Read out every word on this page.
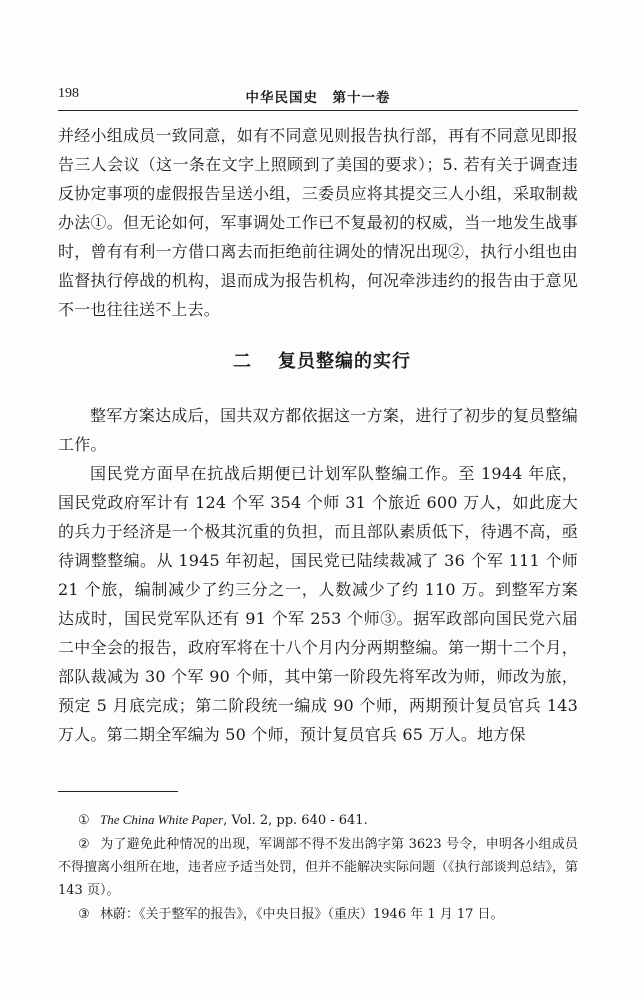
198	中华民国史　第十一卷
并经小组成员一致同意，如有不同意见则报告执行部，再有不同意见即报告三人会议（这一条在文字上照顾到了美国的要求）；5. 若有关于调查违反协定事项的虚假报告呈送小组，三委员应将其提交三人小组，采取制裁办法①。但无论如何，军事调处工作已不复最初的权威，当一地发生战事时，曾有有利一方借口离去而拒绝前往调处的情况出现②，执行小组也由监督执行停战的机构，退而成为报告机构，何况牵涉违约的报告由于意见不一也往往送不上去。
二 复员整编的实行
整军方案达成后，国共双方都依据这一方案，进行了初步的复员整编工作。
国民党方面早在抗战后期便已计划军队整编工作。至 1944 年底，国民党政府军计有 124 个军 354 个师 31 个旅近 600 万人，如此庞大的兵力于经济是一个极其沉重的负担，而且部队素质低下，待遇不高，亟待调整整编。从 1945 年初起，国民党已陆续裁减了 36 个军 111 个师 21 个旅，编制减少了约三分之一，人数减少了约 110 万。到整军方案达成时，国民党军队还有 91 个军 253 个师③。据军政部向国民党六届二中全会的报告，政府军将在十八个月内分两期整编。第一期十二个月，部队裁减为 30 个军 90 个师，其中第一阶段先将军改为师，师改为旅，预定 5 月底完成；第二阶段统一编成 90 个师，两期预计复员官兵 143 万人。第二期全军编为 50 个师，预计复员官兵 65 万人。地方保

① The China White Paper, Vol. 2, pp. 640 - 641.

② 为了避免此种情况的出现，军调部不得不发出鸽字第 3623 号令，申明各小组成员不得擅离小组所在地，违者应予适当处罚，但并不能解决实际问题（《执行部谈判总结》，第 143 页）。

③ 林蔚：《关于整军的报告》，《中央日报》（重庆）1946 年 1 月 17 日。
